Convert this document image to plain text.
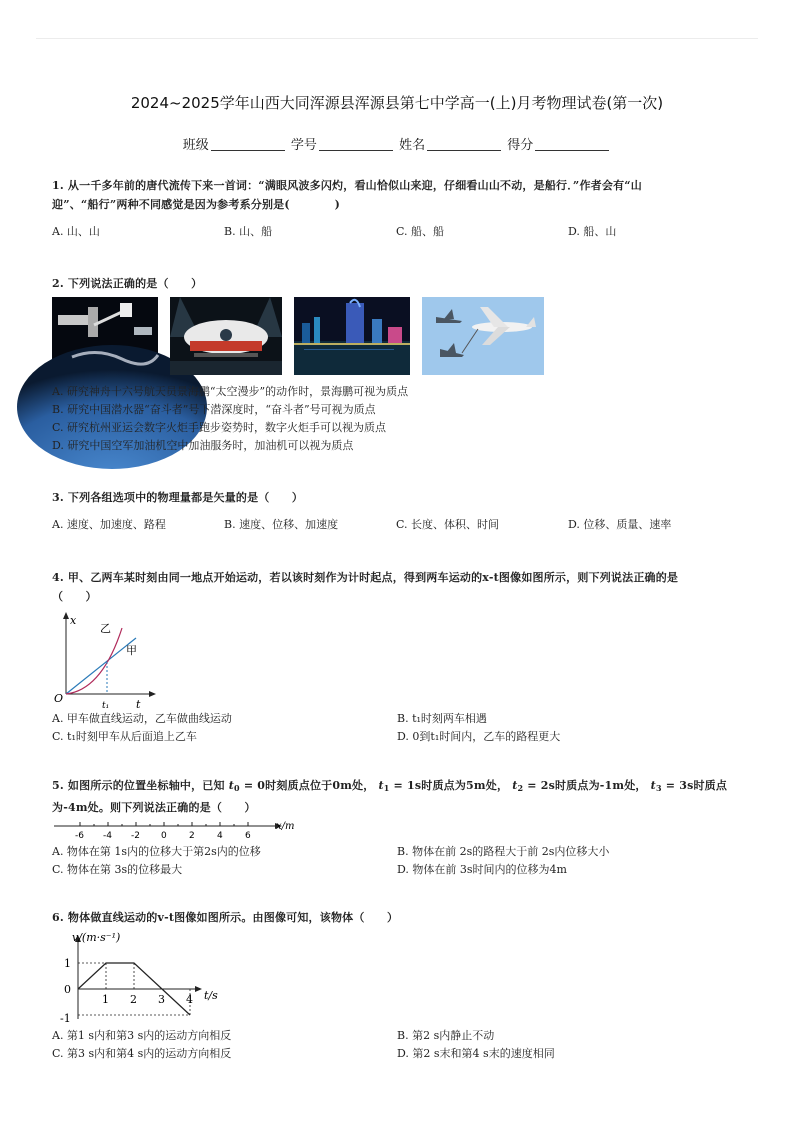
2024~2025学年山西大同浑源县浑源县第七中学高一(上)月考物理试卷(第一次)
班级	学号	姓名	得分
1. 从一千多年前的唐代流传下来一首词：“满眼风波多闪灼，看山恰似山来迎，仔细看山山不动，是船行．”作者会有“山
迎”、“船行”两种不同感觉是因为参考系分别是(　　　　)
A. 山、山	B. 山、船	C. 船、船	D. 船、山
2. 下列说法正确的是（　　）
A. 研究神舟十六号航天员景海鹏“太空漫步”的动作时，景海鹏可视为质点
B. 研究中国潜水器“奋斗者”号下潜深度时，“奋斗者”号可视为质点
C. 研究杭州亚运会数字火炬手跑步姿势时，数字火炬手可以视为质点
D. 研究中国空军加油机空中加油服务时，加油机可以视为质点
3. 下列各组选项中的物理量都是矢量的是（　　）
A. 速度、加速度、路程	B. 速度、位移、加速度	C. 长度、体积、时间	D. 位移、质量、速率
4. 甲、乙两车某时刻由同一地点开始运动，若以该时刻作为计时起点，得到两车运动的x-t图像如图所示，则下列说法正确的是
（　　）
x
t
O
t₁
乙
甲
A. 甲车做直线运动，乙车做曲线运动	B. t₁时刻两车相遇
C. t₁时刻甲车从后面追上乙车	D. 0到t₁时间内，乙车的路程更大
5. 如图所示的位置坐标轴中，已知 $t_0 = 0$时刻质点位于0m处， $t_1 = 1s$时质点为5m处， $t_2 = 2s$时质点为-1m处， $t_3 = 3s$时质点
为-4m处。则下列说法正确的是（　　）
-6 -4 -2 0 2 4 6
x/m
A. 物体在第 1s内的位移大于第2s内的位移	B. 物体在前 2s的路程大于前 2s内位移大小
C. 物体在第 3s的位移最大	D. 物体在前 3s时间内的位移为4m
6. 物体做直线运动的v-t图像如图所示。由图像可知，该物体（　　）
1 2 3 4
v/(m·s⁻¹)
t/s
1
0
-1
A. 第1 s内和第3 s内的运动方向相反	B. 第2 s内静止不动
C. 第3 s内和第4 s内的运动方向相反	D. 第2 s末和第4 s末的速度相同
